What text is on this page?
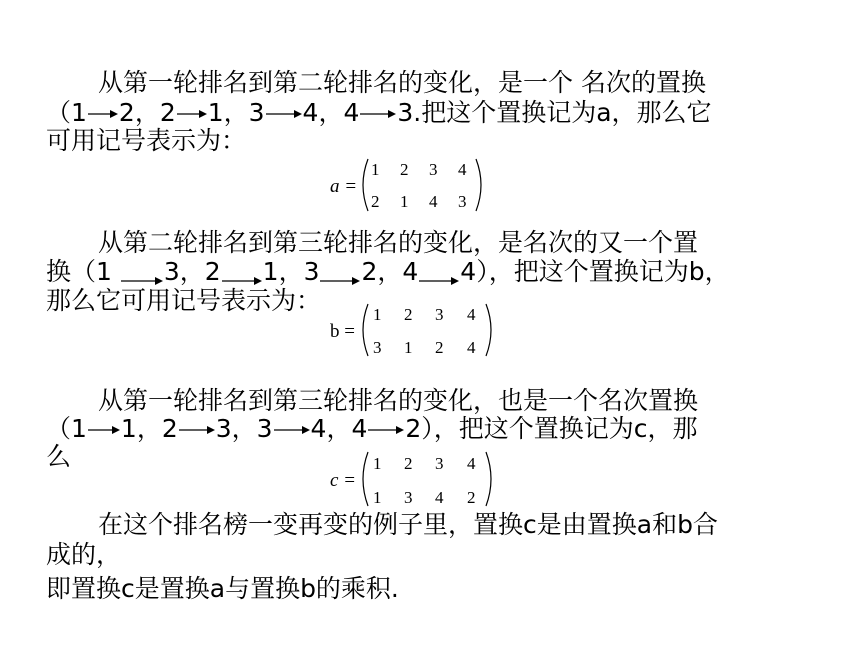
从第一轮排名到第二轮排名的变化，是一个 名次的置换
（1 2，2 1，3 4，4 3.把这个置换记为a，那么它
可用记号表示为：
a =
1 2 3 4
2 1 4 3
从第二轮排名到第三轮排名的变化，是名次的又一个置
换（1
3，2 1，3 2，4 4），把这个置换记为b，
那么它可用记号表示为：
b =
1 2 3 4
3 1 2 4
从第一轮排名到第三轮排名的变化，也是一个名次置换
（1 1，2 3，3 4，4 2），把这个置换记为c，那
么
c =
1 2 3 4
1 3 4 2
在这个排名榜一变再变的例子里，置换c是由置换a和b合
成的，
即置换c是置换a与置换b的乘积.
